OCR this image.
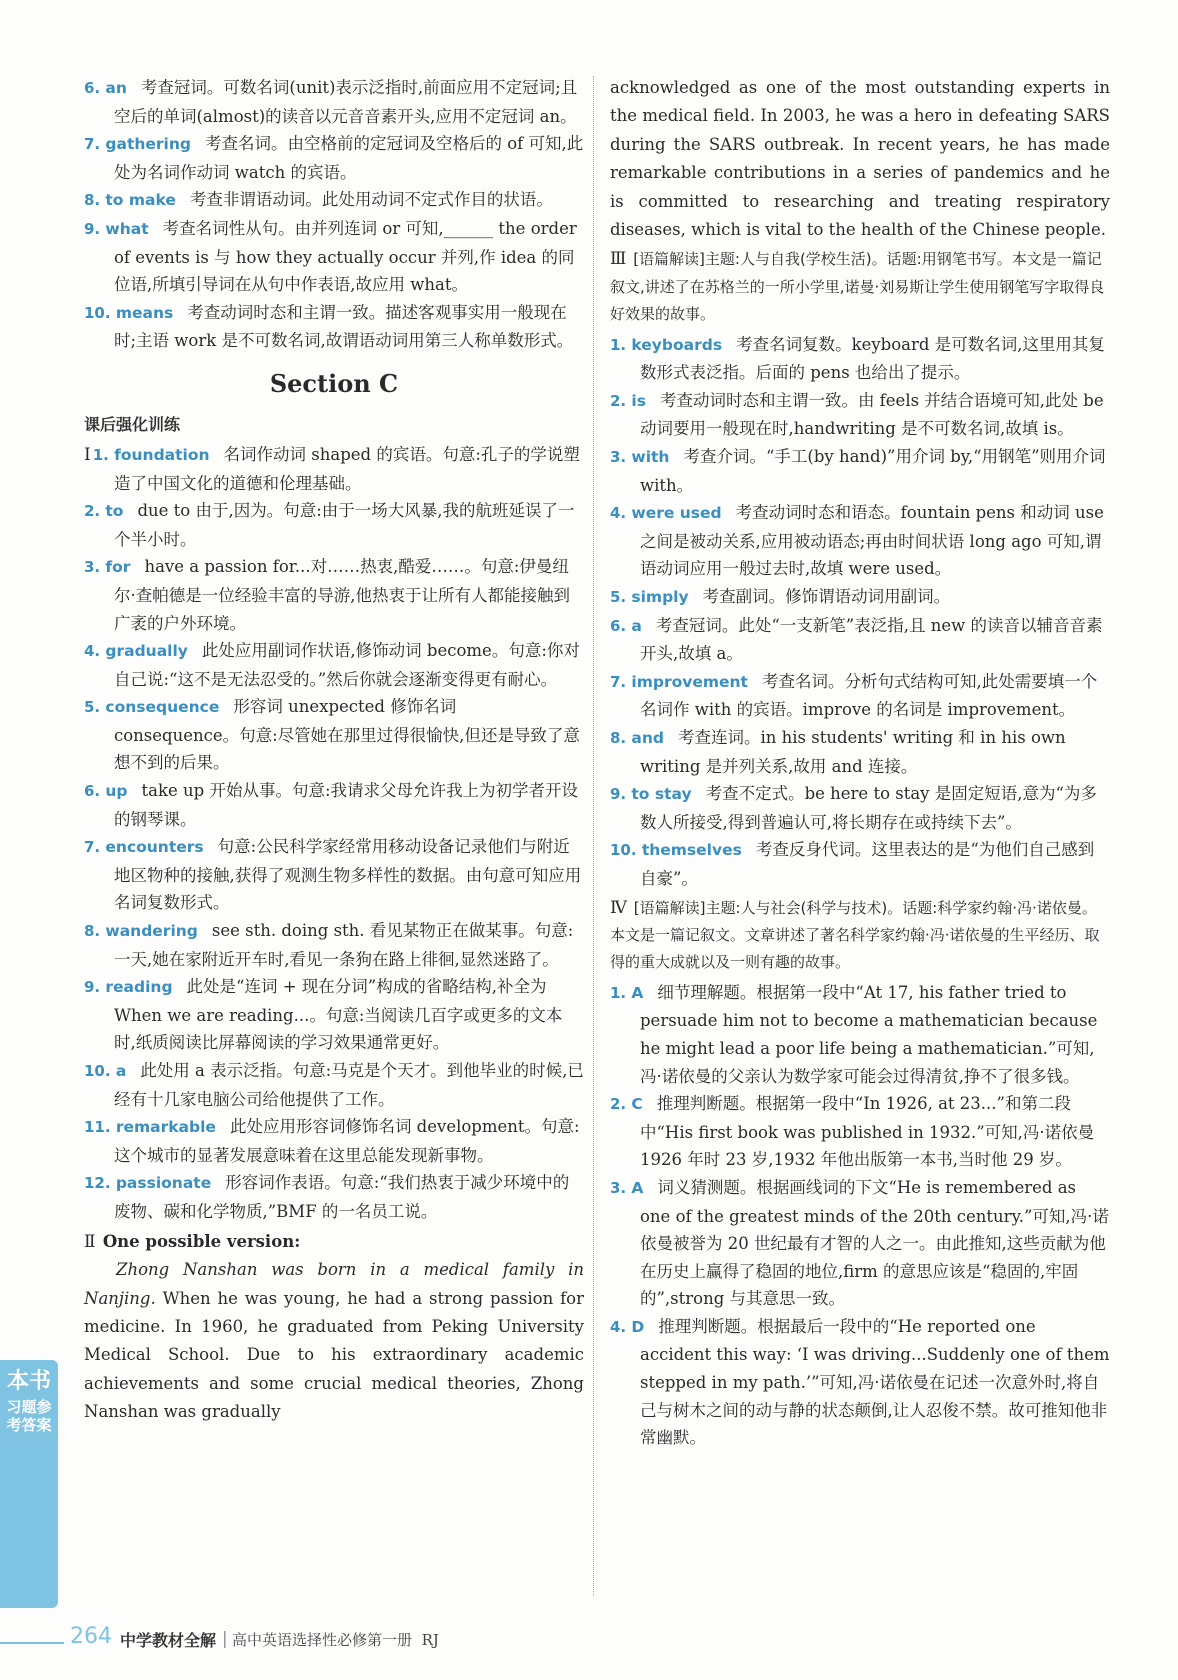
6. an 考查冠词。可数名词(unit)表示泛指时,前面应用不定冠词;且空后的单词(almost)的读音以元音音素开头,应用不定冠词 an。

7. gathering 考查名词。由空格前的定冠词及空格后的 of 可知,此处为名词作动词 watch 的宾语。

8. to make 考查非谓语动词。此处用动词不定式作目的状语。

9. what 考查名词性从句。由并列连词 or 可知,______ the order of events is 与 how they actually occur 并列,作 idea 的同位语,所填引导词在从句中作表语,故应用 what。

10. means 考查动词时态和主谓一致。描述客观事实用一般现在时;主语 work 是不可数名词,故谓语动词用第三人称单数形式。

Section C
课后强化训练

Ⅰ 1. foundation 名词作动词 shaped 的宾语。句意:孔子的学说塑造了中国文化的道德和伦理基础。

2. to due to 由于,因为。句意:由于一场大风暴,我的航班延误了一个半小时。

3. for have a passion for...对……热衷,酷爱……。句意:伊曼纽尔·查帕德是一位经验丰富的导游,他热衷于让所有人都能接触到广袤的户外环境。

4. gradually 此处应用副词作状语,修饰动词 become。句意:你对自己说:“这不是无法忍受的。”然后你就会逐渐变得更有耐心。

5. consequence 形容词 unexpected 修饰名词 consequence。句意:尽管她在那里过得很愉快,但还是导致了意想不到的后果。

6. up take up 开始从事。句意:我请求父母允许我上为初学者开设的钢琴课。

7. encounters 句意:公民科学家经常用移动设备记录他们与附近地区物种的接触,获得了观测生物多样性的数据。由句意可知应用名词复数形式。

8. wandering see sth. doing sth. 看见某物正在做某事。句意:一天,她在家附近开车时,看见一条狗在路上徘徊,显然迷路了。

9. reading 此处是“连词 + 现在分词”构成的省略结构,补全为 When we are reading...。句意:当阅读几百字或更多的文本时,纸质阅读比屏幕阅读的学习效果通常更好。

10. a 此处用 a 表示泛指。句意:马克是个天才。到他毕业的时候,已经有十几家电脑公司给他提供了工作。

11. remarkable 此处应用形容词修饰名词 development。句意:这个城市的显著发展意味着在这里总能发现新事物。

12. passionate 形容词作表语。句意:“我们热衷于减少环境中的废物、碳和化学物质,”BMF 的一名员工说。

Ⅱ One possible version:

Zhong Nanshan was born in a medical family in Nanjing. When he was young, he had a strong passion for medicine. In 1960, he graduated from Peking University Medical School. Due to his extraordinary academic achievements and some crucial medical theories, Zhong Nanshan was gradually

acknowledged as one of the most outstanding experts in the medical field. In 2003, he was a hero in defeating SARS during the SARS outbreak. In recent years, he has made remarkable contributions in a series of pandemics and he is committed to researching and treating respiratory diseases, which is vital to the health of the Chinese people.

Ⅲ [语篇解读]主题:人与自我(学校生活)。话题:用钢笔书写。本文是一篇记叙文,讲述了在苏格兰的一所小学里,诺曼·刘易斯让学生使用钢笔写字取得良好效果的故事。

1. keyboards 考查名词复数。keyboard 是可数名词,这里用其复数形式表泛指。后面的 pens 也给出了提示。

2. is 考查动词时态和主谓一致。由 feels 并结合语境可知,此处 be 动词要用一般现在时,handwriting 是不可数名词,故填 is。

3. with 考查介词。“手工(by hand)”用介词 by,“用钢笔”则用介词 with。

4. were used 考查动词时态和语态。fountain pens 和动词 use 之间是被动关系,应用被动语态;再由时间状语 long ago 可知,谓语动词应用一般过去时,故填 were used。

5. simply 考查副词。修饰谓语动词用副词。

6. a 考查冠词。此处“一支新笔”表泛指,且 new 的读音以辅音音素开头,故填 a。

7. improvement 考查名词。分析句式结构可知,此处需要填一个名词作 with 的宾语。improve 的名词是 improvement。

8. and 考查连词。in his students' writing 和 in his own writing 是并列关系,故用 and 连接。

9. to stay 考查不定式。be here to stay 是固定短语,意为“为多数人所接受,得到普遍认可,将长期存在或持续下去”。

10. themselves 考查反身代词。这里表达的是“为他们自己感到自豪”。

Ⅳ [语篇解读]主题:人与社会(科学与技术)。话题:科学家约翰·冯·诺依曼。本文是一篇记叙文。文章讲述了著名科学家约翰·冯·诺依曼的生平经历、取得的重大成就以及一则有趣的故事。

1. A 细节理解题。根据第一段中“At 17, his father tried to persuade him not to become a mathematician because he might lead a poor life being a mathematician.”可知,冯·诺依曼的父亲认为数学家可能会过得清贫,挣不了很多钱。

2. C 推理判断题。根据第一段中“In 1926, at 23...”和第二段中“His first book was published in 1932.”可知,冯·诺依曼 1926 年时 23 岁,1932 年他出版第一本书,当时他 29 岁。

3. A 词义猜测题。根据画线词的下文“He is remembered as one of the greatest minds of the 20th century.”可知,冯·诺依曼被誉为 20 世纪最有才智的人之一。由此推知,这些贡献为他在历史上赢得了稳固的地位,firm 的意思应该是“稳固的,牢固的”,strong 与其意思一致。

4. D 推理判断题。根据最后一段中的“He reported one accident this way: ‘I was driving...Suddenly one of them stepped in my path.’”可知,冯·诺依曼在记述一次意外时,将自己与树木之间的动与静的状态颠倒,让人忍俊不禁。故可推知他非常幽默。

本书
习题参考答案
264 中学教材全解 | 高中英语选择性必修第一册 RJ
